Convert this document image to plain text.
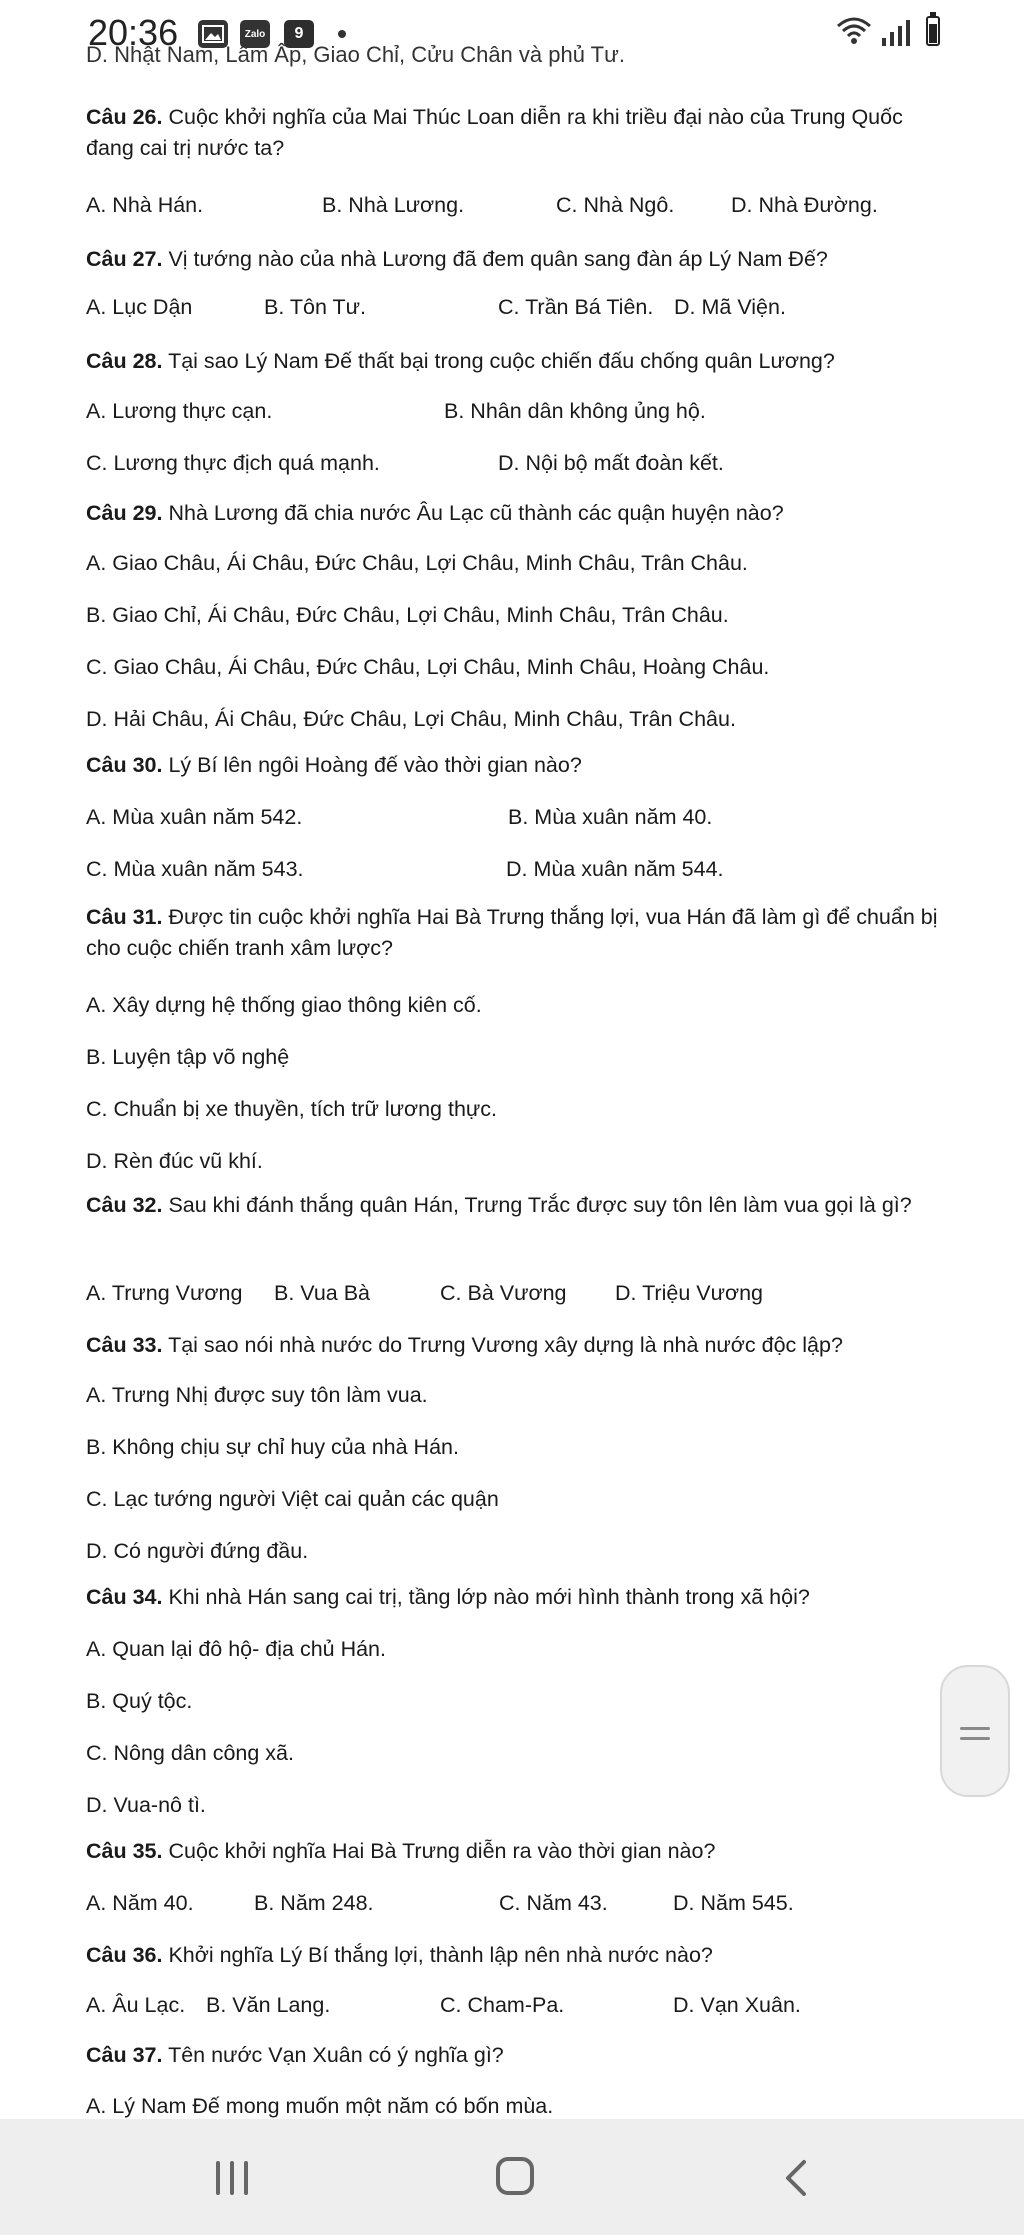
20:36	Zalo	9
D. Nhật Nam, Lâm Ấp, Giao Chỉ, Cửu Chân và phủ Tư.
Câu 26. Cuộc khởi nghĩa của Mai Thúc Loan diễn ra khi triều đại nào của Trung Quốc đang cai trị nước ta?
A. Nhà Hán.	B. Nhà Lương.	C. Nhà Ngô.	D. Nhà Đường.
Câu 27. Vị tướng nào của nhà Lương đã đem quân sang đàn áp Lý Nam Đế?
A. Lục Dận	B. Tôn Tư.	C. Trần Bá Tiên. D. Mã Viện.
Câu 28. Tại sao Lý Nam Đế thất bại trong cuộc chiến đấu chống quân Lương?
A. Lương thực cạn.	B. Nhân dân không ủng hộ.
C. Lương thực địch quá mạnh.	D. Nội bộ mất đoàn kết.
Câu 29. Nhà Lương đã chia nước Âu Lạc cũ thành các quận huyện nào?
A. Giao Châu, Ái Châu, Đức Châu, Lợi Châu, Minh Châu, Trân Châu.
B. Giao Chỉ, Ái Châu, Đức Châu, Lợi Châu, Minh Châu, Trân Châu.
C. Giao Châu, Ái Châu, Đức Châu, Lợi Châu, Minh Châu, Hoàng Châu.
D. Hải Châu, Ái Châu, Đức Châu, Lợi Châu, Minh Châu, Trân Châu.
Câu 30. Lý Bí lên ngôi Hoàng đế vào thời gian nào?
A. Mùa xuân năm 542.	B. Mùa xuân năm 40.
C. Mùa xuân năm 543.	D. Mùa xuân năm 544.
Câu 31. Được tin cuộc khởi nghĩa Hai Bà Trưng thắng lợi, vua Hán đã làm gì để chuẩn bị cho cuộc chiến tranh xâm lược?
A. Xây dựng hệ thống giao thông kiên cố.
B. Luyện tập võ nghệ
C. Chuẩn bị xe thuyền, tích trữ lương thực.
D. Rèn đúc vũ khí.
Câu 32. Sau khi đánh thắng quân Hán, Trưng Trắc được suy tôn lên làm vua gọi là gì?
A. Trưng Vương B. Vua Bà	C. Bà Vương D. Triệu Vương
Câu 33. Tại sao nói nhà nước do Trưng Vương xây dựng là nhà nước độc lập?
A. Trưng Nhị được suy tôn làm vua.
B. Không chịu sự chỉ huy của nhà Hán.
C. Lạc tướng người Việt cai quản các quận
D. Có người đứng đầu.
Câu 34. Khi nhà Hán sang cai trị, tầng lớp nào mới hình thành trong xã hội?
A. Quan lại đô hộ- địa chủ Hán.
B. Quý tộc.
C. Nông dân công xã.
D. Vua-nô tì.
Câu 35. Cuộc khởi nghĩa Hai Bà Trưng diễn ra vào thời gian nào?
A. Năm 40.	B. Năm 248.	C. Năm 43.	D. Năm 545.
Câu 36. Khởi nghĩa Lý Bí thắng lợi, thành lập nên nhà nước nào?
A. Âu Lạc. B. Văn Lang.	C. Cham-Pa.	D. Vạn Xuân.
Câu 37. Tên nước Vạn Xuân có ý nghĩa gì?
A. Lý Nam Đế mong muốn một năm có bốn mùa.
